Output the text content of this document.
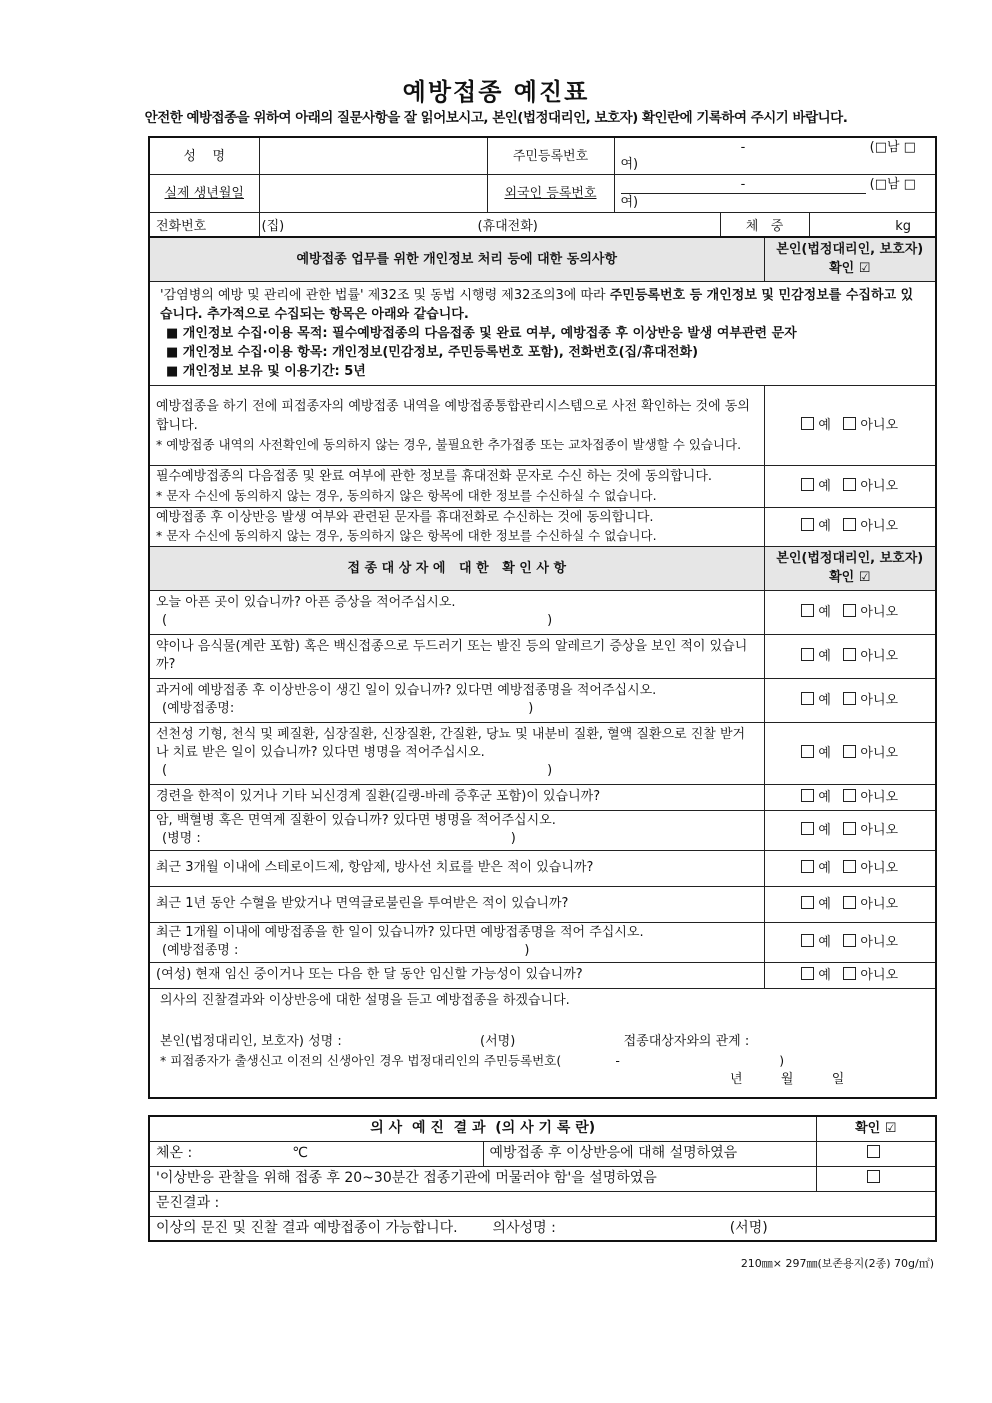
예방접종 예진표
안전한 예방접종을 위하여 아래의 질문사항을 잘 읽어보시고, 본인(법정대리인, 보호자) 확인란에 기록하여 주시기 바랍니다.
성    명		주민등록번호	- (□남 □여)		
실제 생년월일		외국인 등록번호	- (□남 □여)		
전화번호	(집) (휴대전화)			체   중	kg
예방접종 업무를 위한 개인정보 처리 등에 대한 동의사항	본인(법정대리인, 보호자)
확인 ☑

'감염병의 예방 및 관리에 관한 법률' 제32조 및 동법 시행령 제32조의3에 따라 주민등록번호 등 개인정보 및 민감정보를 수집하고 있습니다. 추가적으로 수집되는 항목은 아래와 같습니다.
■ 개인정보 수집·이용 목적: 필수예방접종의 다음접종 및 완료 여부, 예방접종 후 이상반응 발생 여부관련 문자
■ 개인정보 수집·이용 항목: 개인정보(민감정보, 주민등록번호 포함), 전화번호(집/휴대전화)
■ 개인정보 보유 및 이용기간: 5년	

예방접종을 하기 전에 피접종자의 예방접종 내역을 예방접종통합관리시스템으로 사전 확인하는 것에 동의합니다.
* 예방접종 내역의 사전확인에 동의하지 않는 경우, 불필요한 추가접종 또는 교차접종이 발생할 수 있습니다.	예 아니오

필수예방접종의 다음접종 및 완료 여부에 관한 정보를 휴대전화 문자로 수신 하는 것에 동의합니다.
* 문자 수신에 동의하지 않는 경우, 동의하지 않은 항목에 대한 정보를 수신하실 수 없습니다.	예 아니오

예방접종 후 이상반응 발생 여부와 관련된 문자를 휴대전화로 수신하는 것에 동의합니다.
* 문자 수신에 동의하지 않는 경우, 동의하지 않은 항목에 대한 정보를 수신하실 수 없습니다.	예 아니오
접 종 대 상 자 에   대 한   확 인 사 항	본인(법정대리인, 보호자)
확인 ☑

오늘 아픈 곳이 있습니까? 아픈 증상을 적어주십시오.
( )	예 아니오

약이나 음식물(계란 포함) 혹은 백신접종으로 두드러기 또는 발진 등의 알레르기 증상을 보인 적이 있습니까?	예 아니오

과거에 예방접종 후 이상반응이 생긴 일이 있습니까? 있다면 예방접종명을 적어주십시오.
(예방접종명: )	예 아니오

선천성 기형, 천식 및 폐질환, 심장질환, 신장질환, 간질환, 당뇨 및 내분비 질환, 혈액 질환으로 진찰 받거나 치료 받은 일이 있습니까? 있다면 병명을 적어주십시오.
( )	예 아니오

경련을 한적이 있거나 기타 뇌신경계 질환(길랭-바레 증후군 포함)이 있습니까?	예 아니오

암, 백혈병 혹은 면역계 질환이 있습니까? 있다면 병명을 적어주십시오.
(병명 : )	예 아니오

최근 3개월 이내에 스테로이드제, 항암제, 방사선 치료를 받은 적이 있습니까?	예 아니오

최근 1년 동안 수혈을 받았거나 면역글로불린을 투여받은 적이 있습니까?	예 아니오

최근 1개월 이내에 예방접종을 한 일이 있습니까? 있다면 예방접종명을 적어 주십시오.
(예방접종명 : )	예 아니오

(여성) 현재 임신 중이거나 또는 다음 한 달 동안 임신할 가능성이 있습니까?	예 아니오

의사의 진찰결과와 이상반응에 대한 설명을 듣고 예방접종을 하겠습니다.
본인(법정대리인, 보호자) 성명 : (서명) 접종대상자와의 관계 :
* 피접종자가 출생신고 이전의 신생아인 경우 법정대리인의 주민등록번호( - )
년 월 일	
의 사  예 진  결 과  (의 사 기 록 란)		확인 ☑
체온 : ℃	예방접종 후 이상반응에 대해 설명하였음	
'이상반응 관찰을 위해 접종 후 20~30분간 접종기관에 머물러야 함'을 설명하였음		
문진결과 :		
이상의 문진 및 진찰 결과 예방접종이 가능합니다. 의사성명 : (서명)		
210㎜× 297㎜(보존용지(2종) 70g/㎡)
